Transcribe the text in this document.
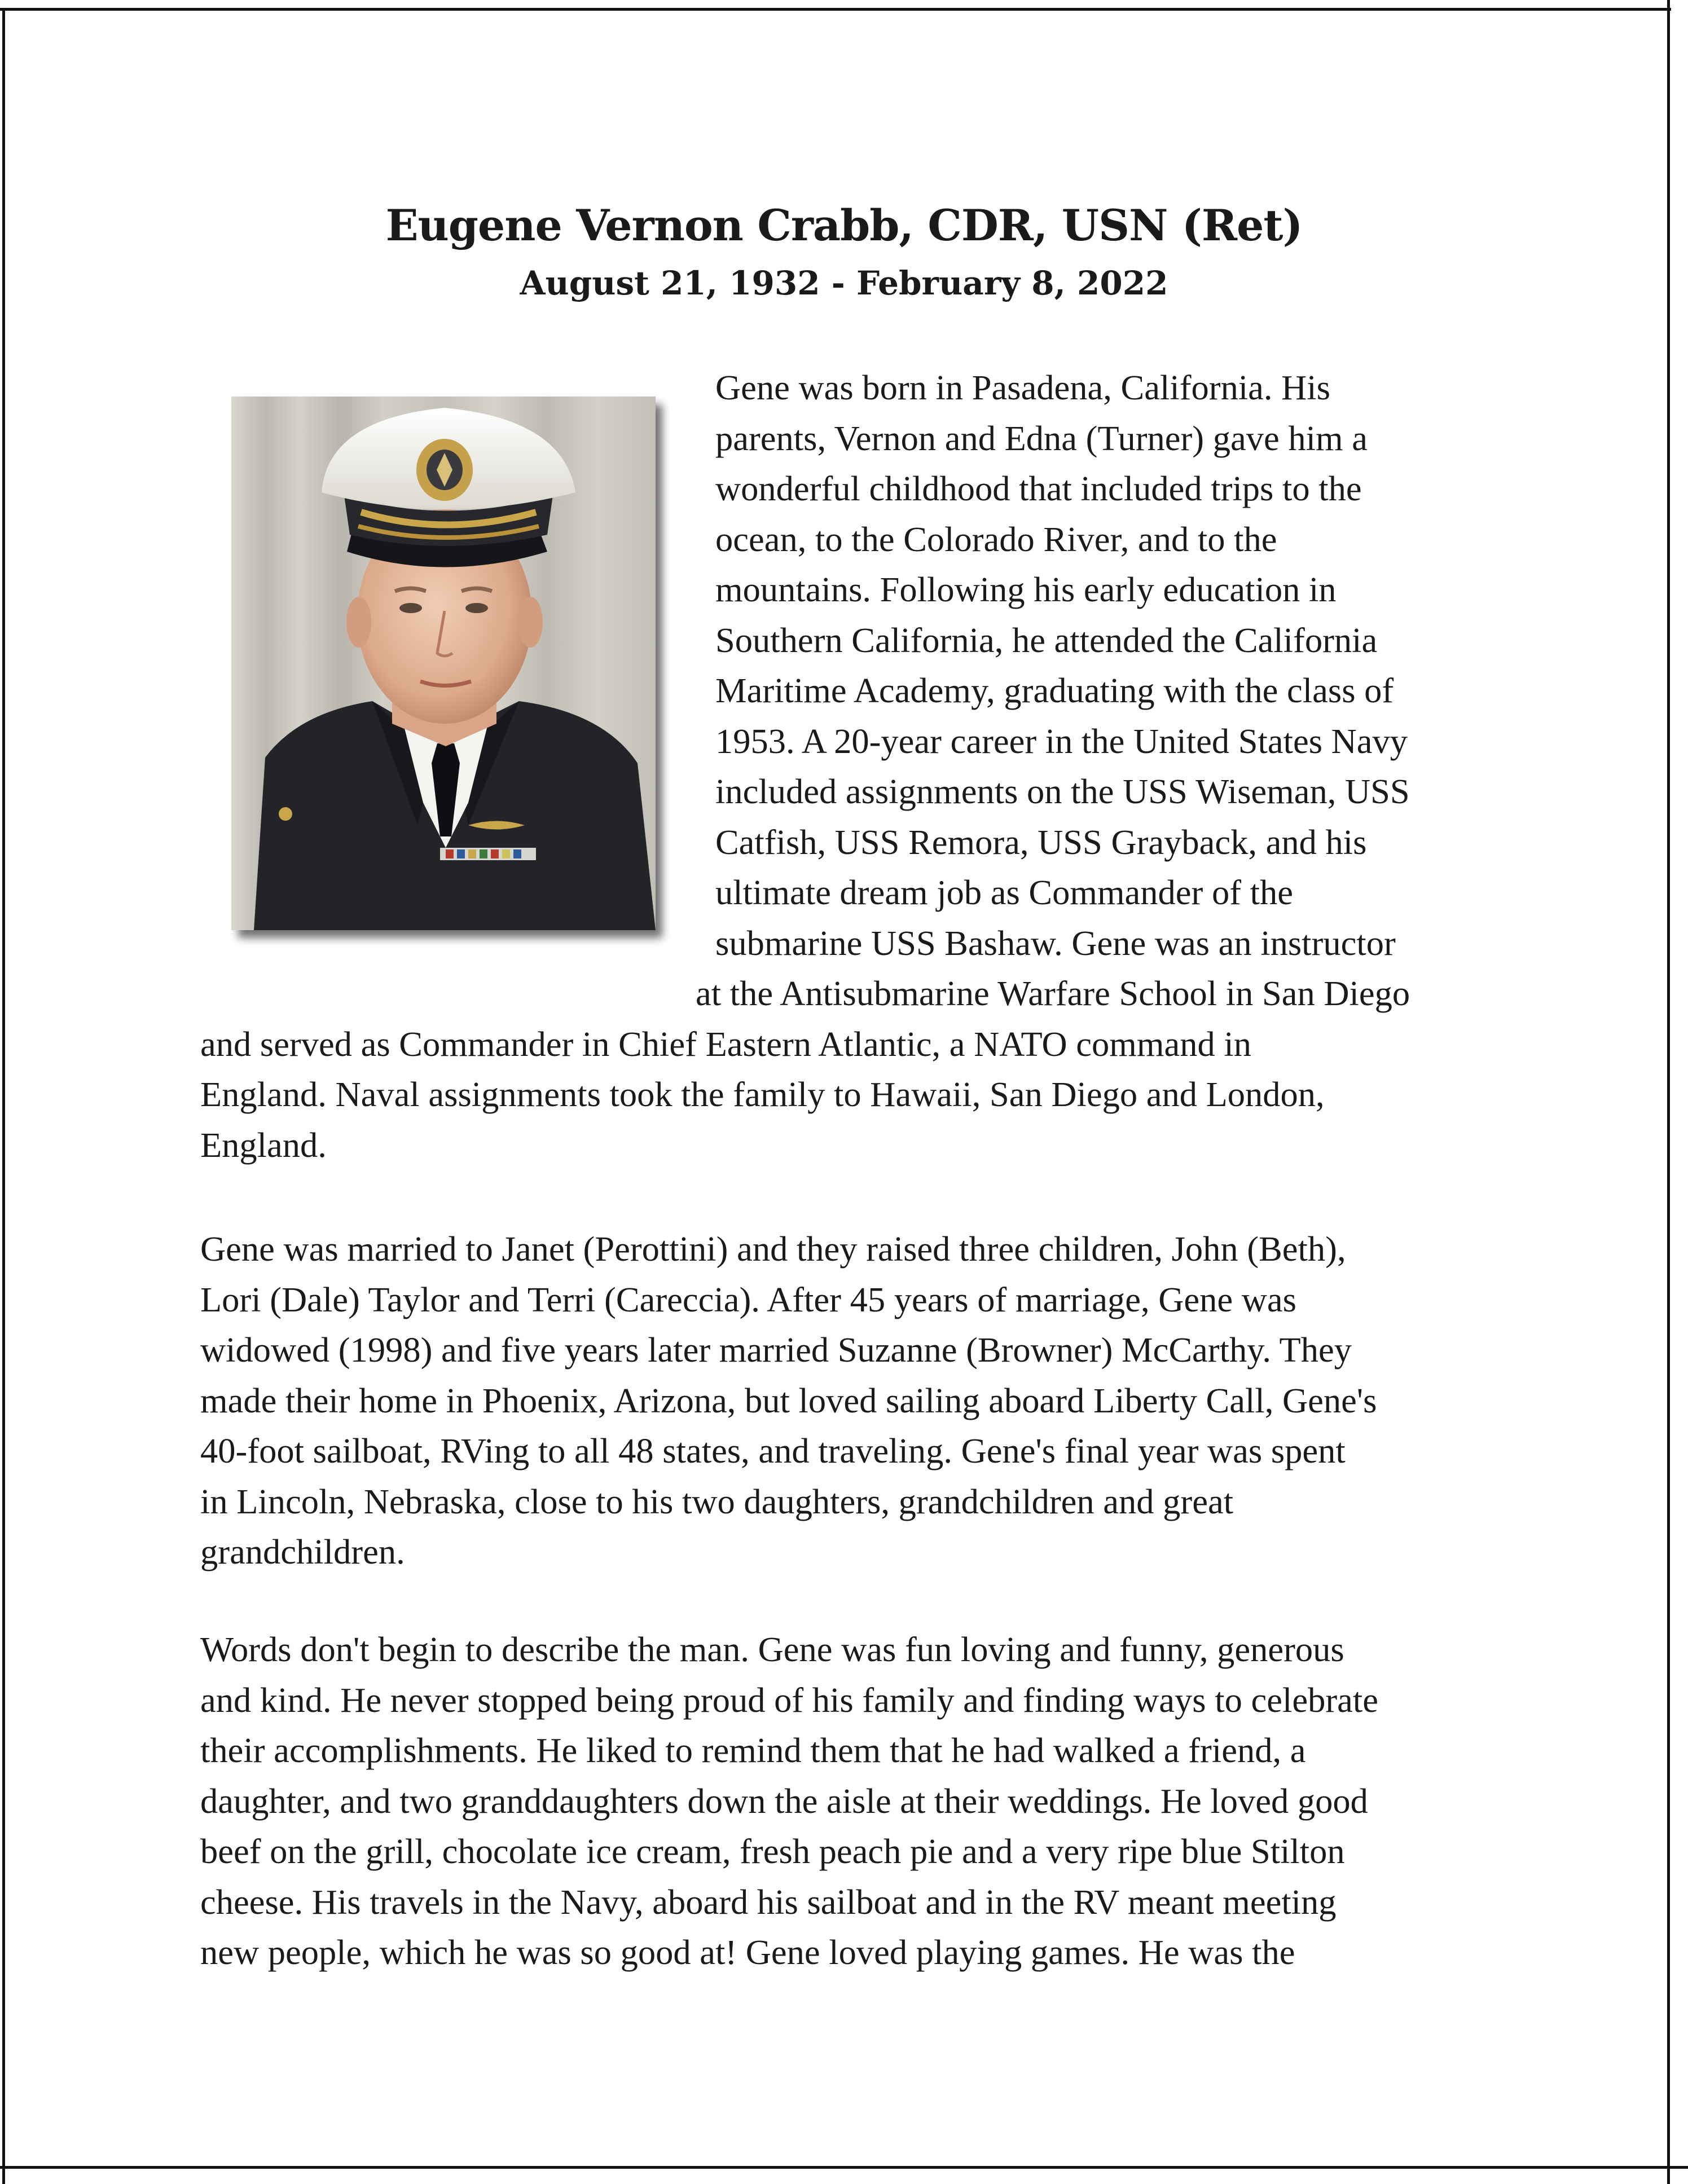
Eugene Vernon Crabb, CDR, USN (Ret)
August 21, 1932 - February 8, 2022

Gene was born in Pasadena, California. His
parents, Vernon and Edna (Turner) gave him a
wonderful childhood that included trips to the
ocean, to the Colorado River, and to the
mountains. Following his early education in
Southern California, he attended the California
Maritime Academy, graduating with the class of
1953. A 20-year career in the United States Navy
included assignments on the USS Wiseman, USS
Catfish, USS Remora, USS Grayback, and his
ultimate dream job as Commander of the
submarine USS Bashaw. Gene was an instructor
at the Antisubmarine Warfare School in San Diego
and served as Commander in Chief Eastern Atlantic, a NATO command in
England. Naval assignments took the family to Hawaii, San Diego and London,
England.

Gene was married to Janet (Perottini) and they raised three children, John (Beth),
Lori (Dale) Taylor and Terri (Careccia). After 45 years of marriage, Gene was
widowed (1998) and five years later married Suzanne (Browner) McCarthy. They
made their home in Phoenix, Arizona, but loved sailing aboard Liberty Call, Gene's
40-foot sailboat, RVing to all 48 states, and traveling. Gene's final year was spent
in Lincoln, Nebraska, close to his two daughters, grandchildren and great
grandchildren.

Words don't begin to describe the man. Gene was fun loving and funny, generous
and kind. He never stopped being proud of his family and finding ways to celebrate
their accomplishments. He liked to remind them that he had walked a friend, a
daughter, and two granddaughters down the aisle at their weddings. He loved good
beef on the grill, chocolate ice cream, fresh peach pie and a very ripe blue Stilton
cheese. His travels in the Navy, aboard his sailboat and in the RV meant meeting
new people, which he was so good at! Gene loved playing games. He was the
